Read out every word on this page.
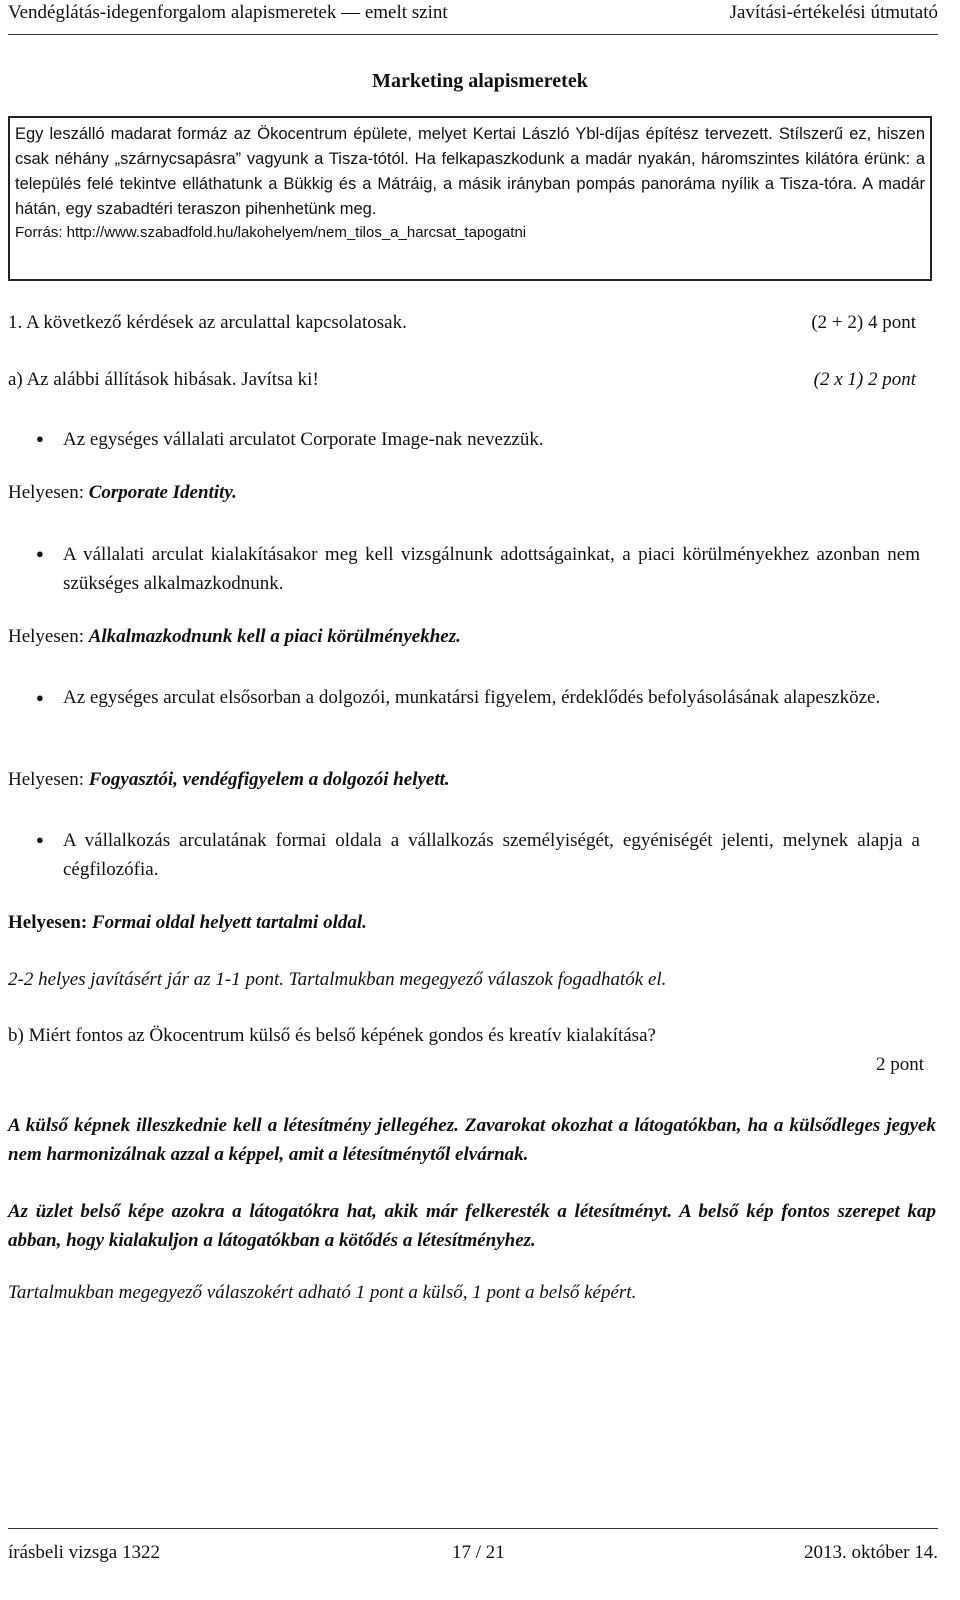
Vendéglátás-idegenforgalom alapismeretek — emelt szint	Javítási-értékelési útmutató
Marketing alapismeretek
Egy leszálló madarat formáz az Ökocentrum épülete, melyet Kertai László Ybl-díjas építész tervezett. Stílszerű ez, hiszen csak néhány „szárnycsapásra” vagyunk a Tisza-tótól. Ha felkapaszkodunk a madár nyakán, háromszintes kilátóra érünk: a település felé tekintve elláthatunk a Bükkig és a Mátráig, a másik irányban pompás panoráma nyílik a Tisza-tóra. A madár hátán, egy szabadtéri teraszon pihenhetünk meg.
Forrás: http://www.szabadfold.hu/lakohelyem/nem_tilos_a_harcsat_tapogatni
1. A következő kérdések az arculattal kapcsolatosak.	(2 + 2) 4 pont
a) Az alábbi állítások hibásak. Javítsa ki!	(2 x 1) 2 pont
● Az egységes vállalati arculatot Corporate Image-nak nevezzük.
Helyesen: Corporate Identity.
● A vállalati arculat kialakításakor meg kell vizsgálnunk adottságainkat, a piaci körülményekhez azonban nem szükséges alkalmazkodnunk.
Helyesen: Alkalmazkodnunk kell a piaci körülményekhez.
● Az egységes arculat elsősorban a dolgozói, munkatársi figyelem, érdeklődés befolyásolásának alapeszköze.
Helyesen: Fogyasztói, vendégfigyelem a dolgozói helyett.
● A vállalkozás arculatának formai oldala a vállalkozás személyiségét, egyéniségét jelenti, melynek alapja a cégfilozófia.
Helyesen: Formai oldal helyett tartalmi oldal.
2-2 helyes javításért jár az 1-1 pont. Tartalmukban megegyező válaszok fogadhatók el.
b) Miért fontos az Ökocentrum külső és belső képének gondos és kreatív kialakítása?
2 pont
A külső képnek illeszkednie kell a létesítmény jellegéhez. Zavarokat okozhat a látogatókban, ha a külsődleges jegyek nem harmonizálnak azzal a képpel, amit a létesítménytől elvárnak.
Az üzlet belső képe azokra a látogatókra hat, akik már felkeresték a létesítményt. A belső kép fontos szerepet kap abban, hogy kialakuljon a látogatókban a kötődés a létesítményhez.
Tartalmukban megegyező válaszokért adható 1 pont a külső, 1 pont a belső képért.
írásbeli vizsga 1322	17 / 21	2013. október 14.
